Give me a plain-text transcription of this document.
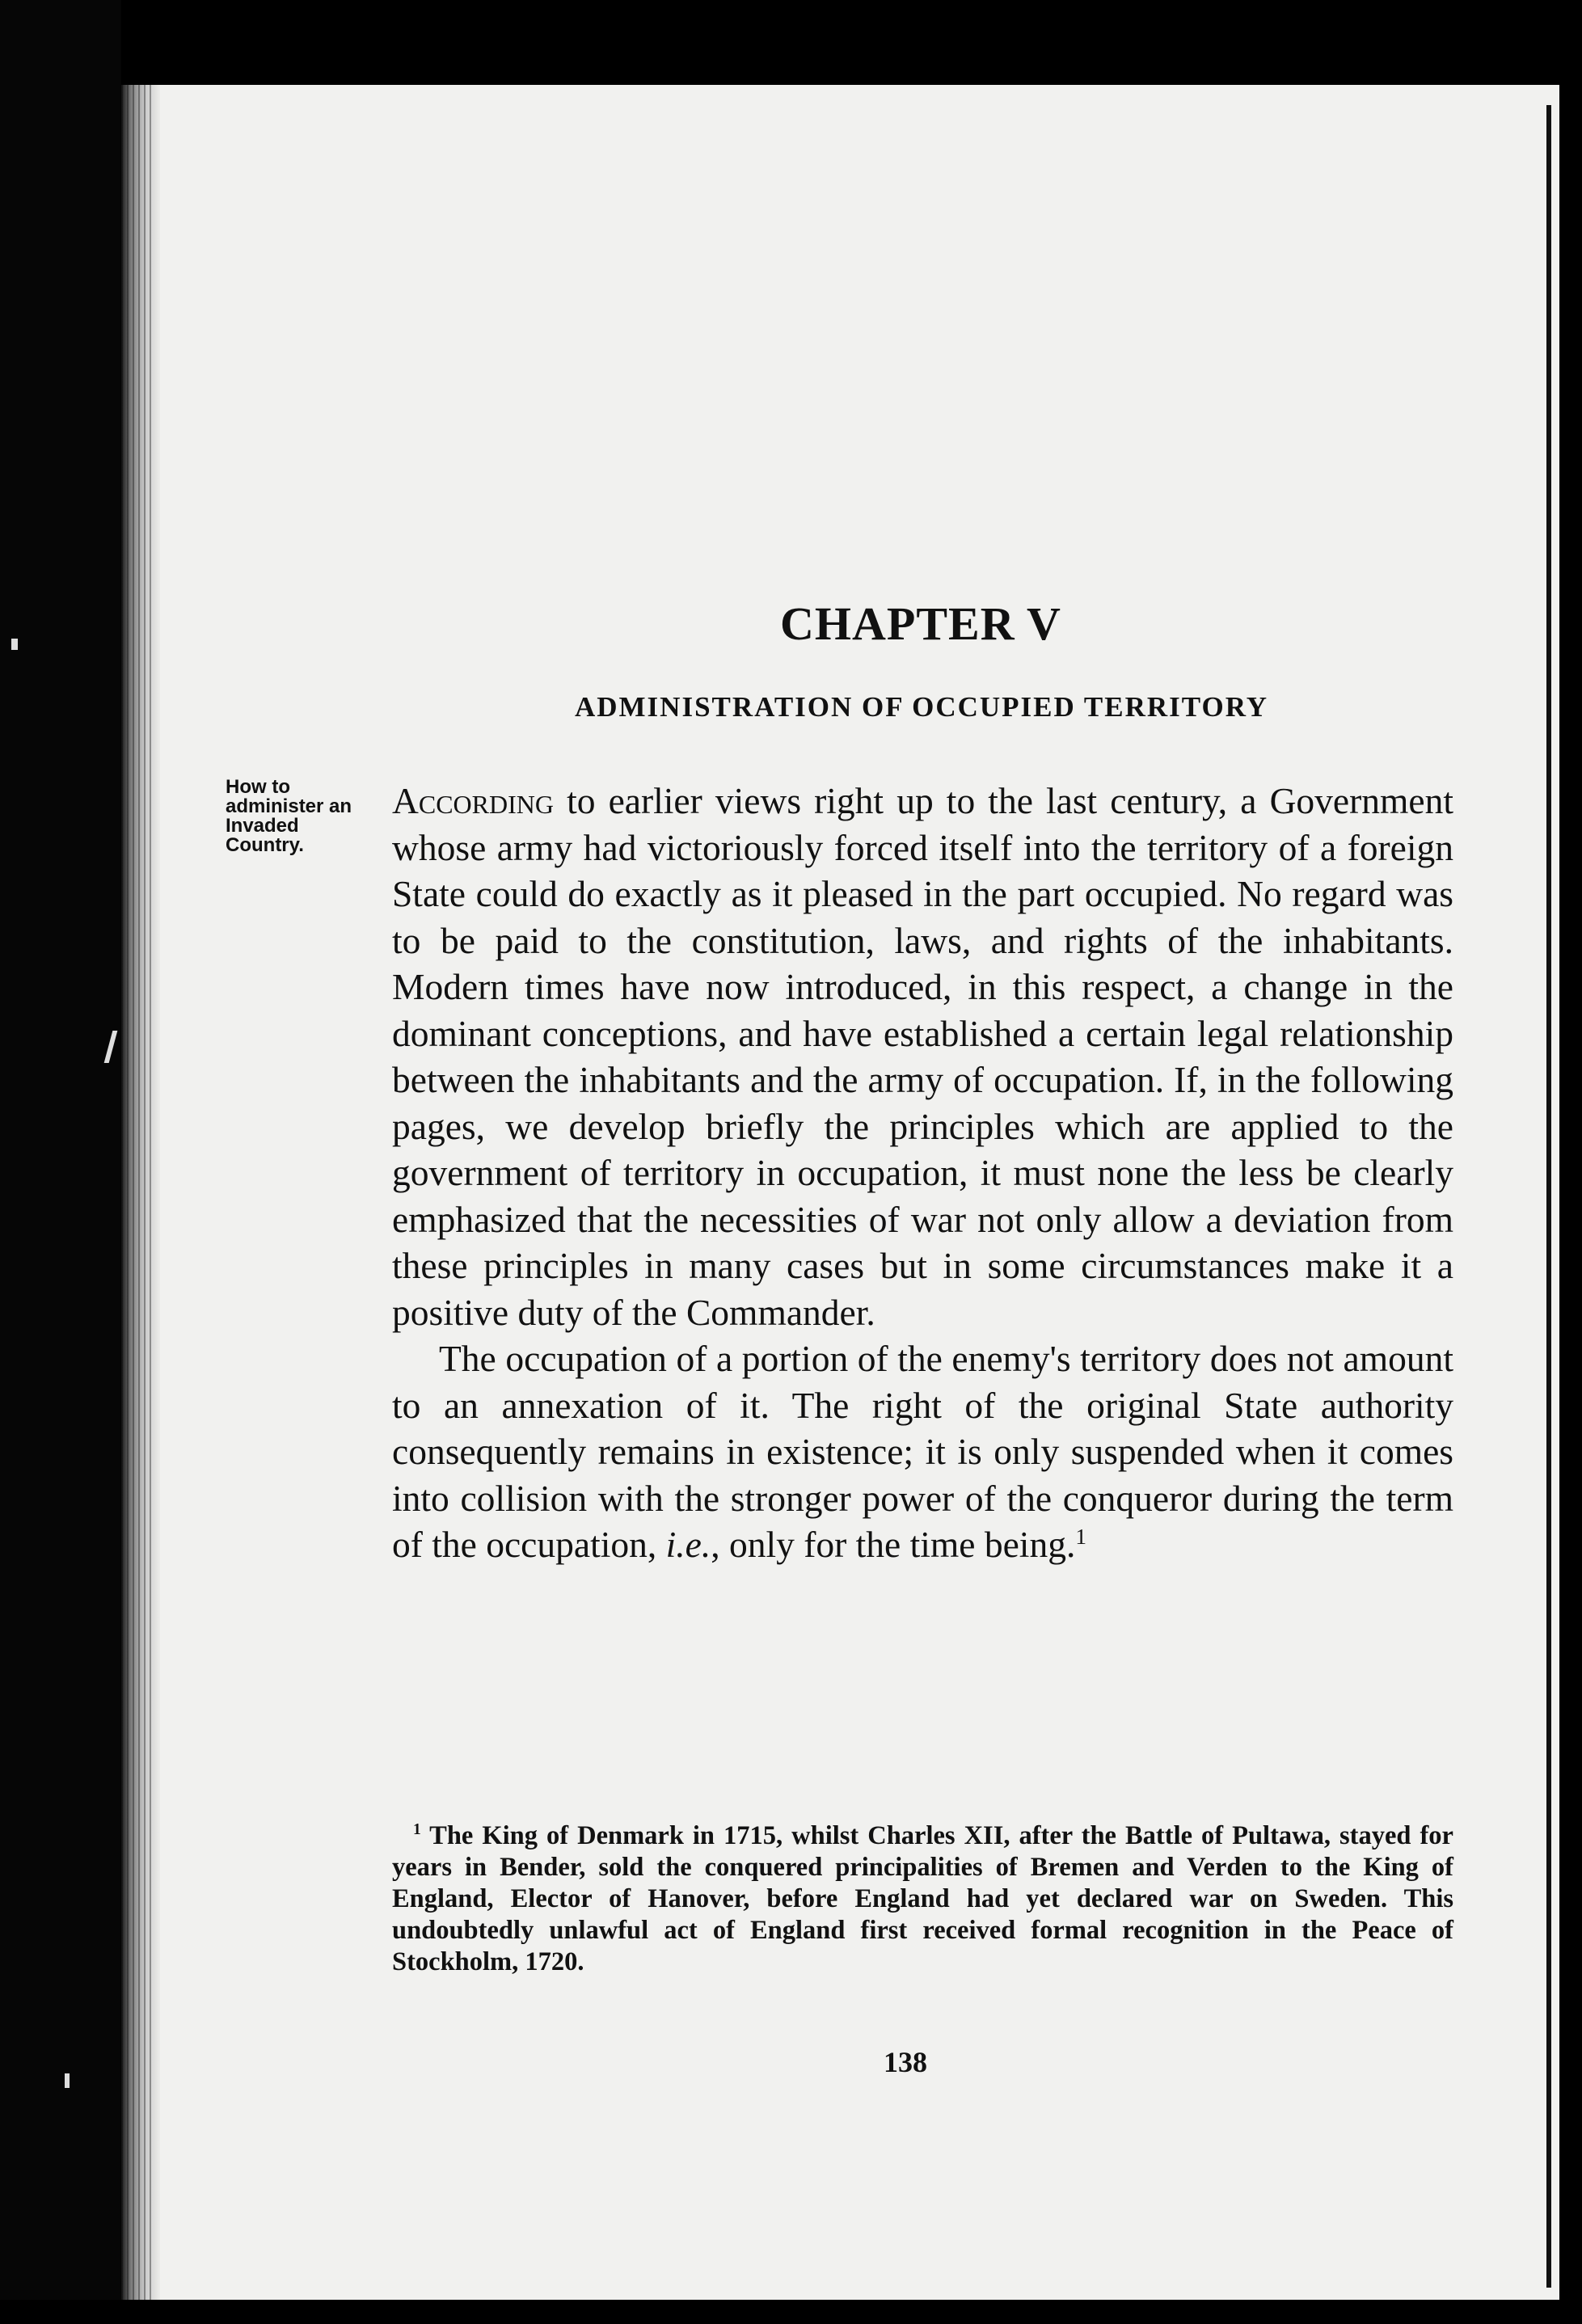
CHAPTER V
ADMINISTRATION OF OCCUPIED TERRITORY
How to administer an Invaded Country.

According to earlier views right up to the last century, a Government whose army had victoriously forced itself into the territory of a foreign State could do exactly as it pleased in the part occupied. No regard was to be paid to the constitution, laws, and rights of the inhabitants. Modern times have now introduced, in this respect, a change in the dominant conceptions, and have established a certain legal relationship between the inhabitants and the army of occupation. If, in the following pages, we develop briefly the principles which are applied to the government of territory in occupation, it must none the less be clearly emphasized that the necessities of war not only allow a deviation from these principles in many cases but in some circumstances make it a positive duty of the Commander.

The occupation of a portion of the enemy's territory does not amount to an annexation of it. The right of the original State authority consequently remains in existence; it is only suspended when it comes into collision with the stronger power of the conqueror during the term of the occupation, i.e., only for the time being.$^1$

$^1$ The King of Denmark in 1715, whilst Charles XII, after the Battle of Pultawa, stayed for years in Bender, sold the conquered principalities of Bremen and Verden to the King of England, Elector of Hanover, before England had yet declared war on Sweden. This undoubtedly unlawful act of England first received formal recognition in the Peace of Stockholm, 1720.

138
